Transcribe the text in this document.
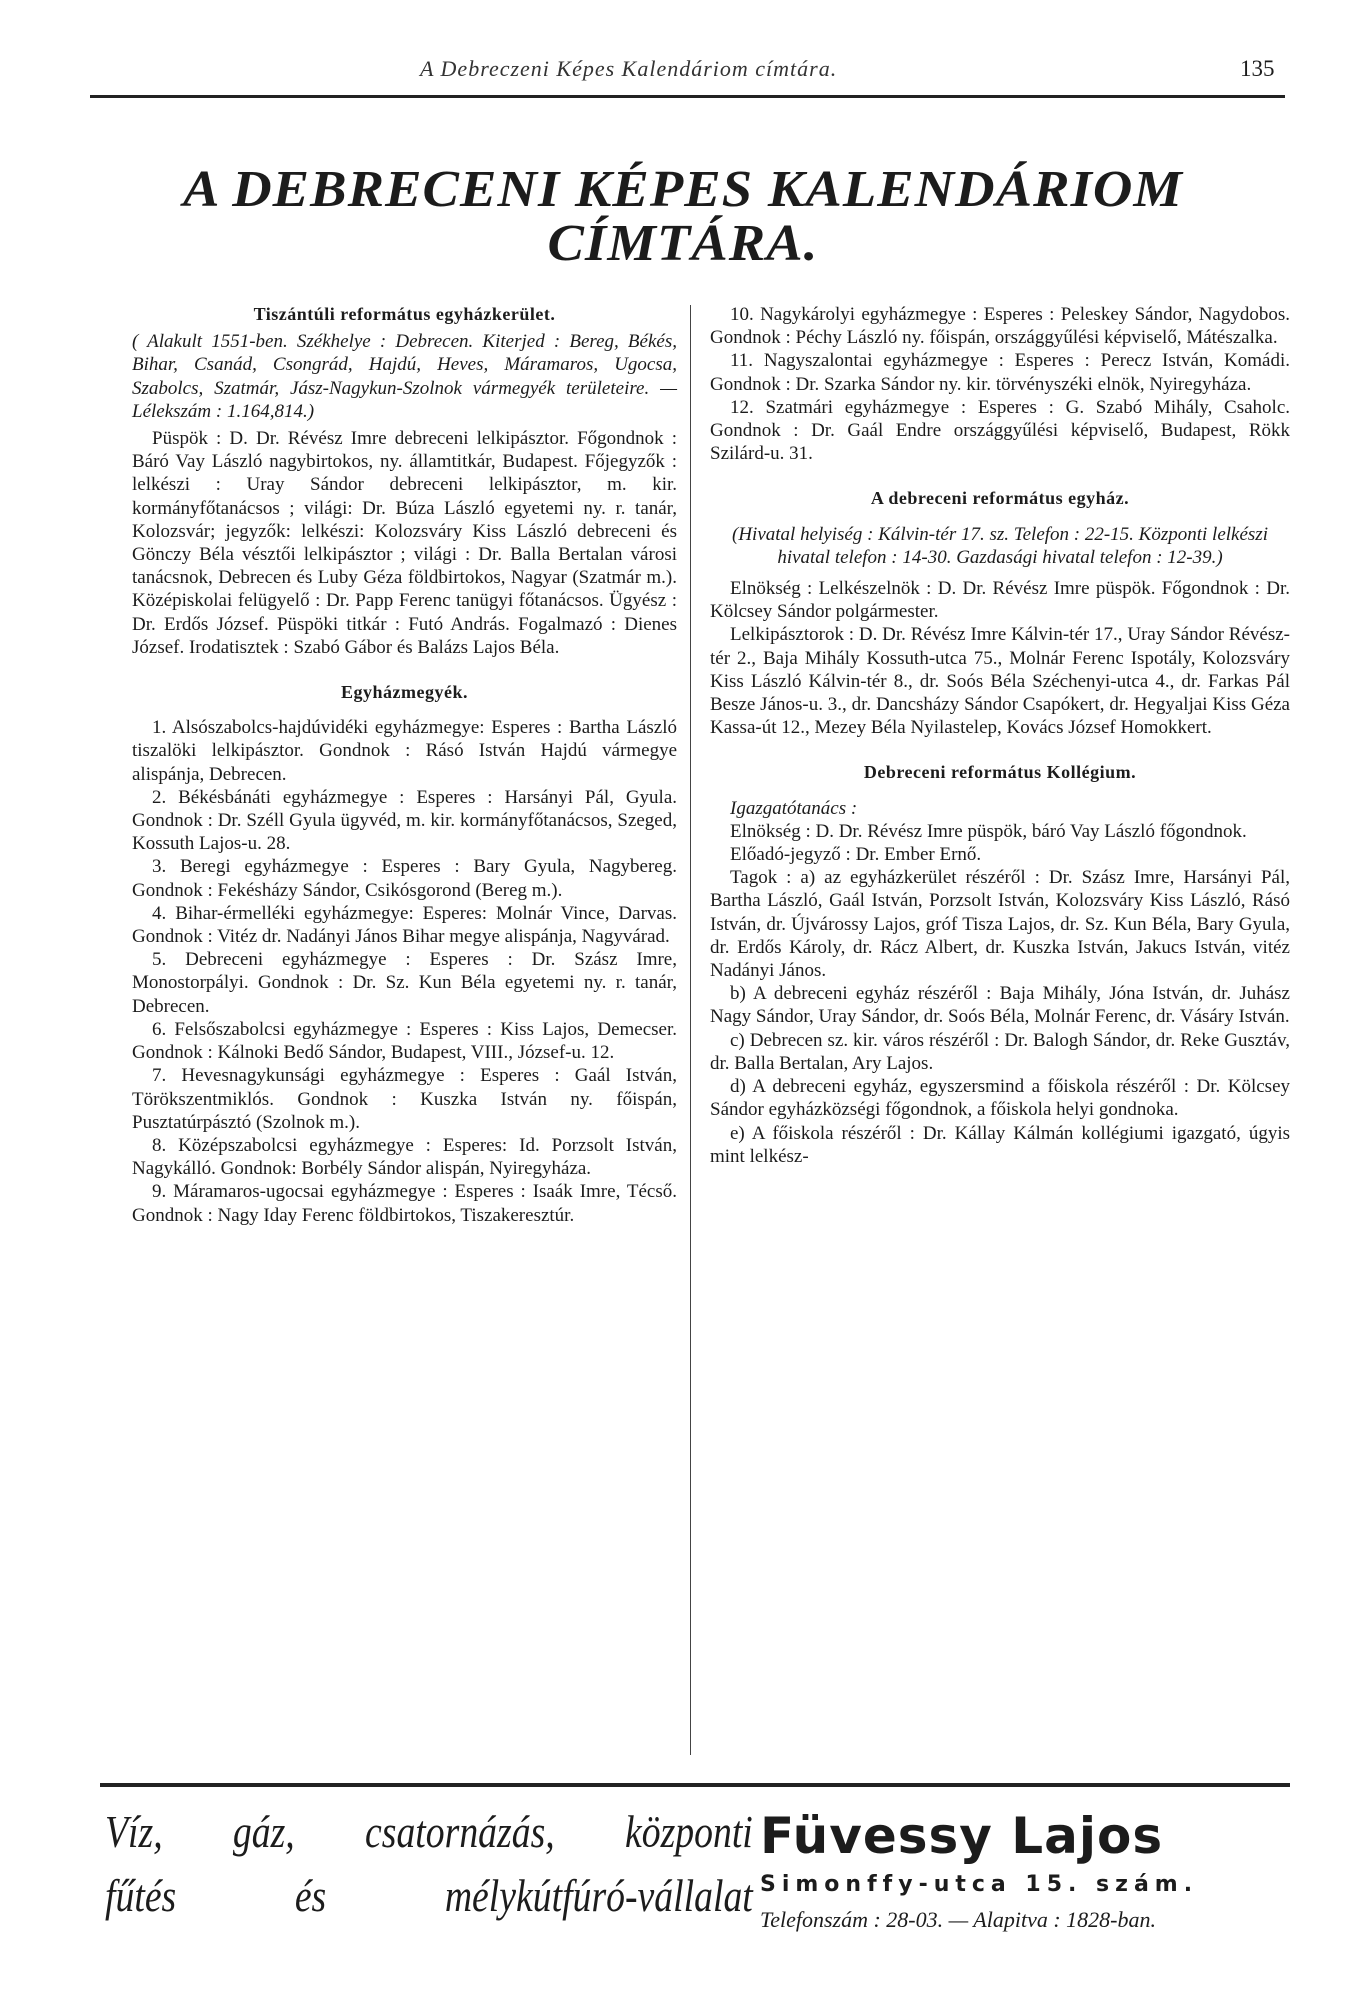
A Debreczeni Képes Kalendáriom címtára.	135
A DEBRECENI KÉPES KALENDÁRIOM
CÍMTÁRA.

Tiszántúli református egyházkerület.

( Alakult 1551-ben. Székhelye : Debrecen. Kiterjed : Bereg, Békés, Bihar, Csanád, Csongrád, Hajdú, Heves, Máramaros, Ugocsa, Szabolcs, Szatmár, Jász-Nagykun-Szolnok vármegyék területeire. — Lélekszám : 1.164,814.)

Püspök : D. Dr. Révész Imre debreceni lelkipásztor. Főgondnok : Báró Vay László nagybirtokos, ny. államtitkár, Budapest. Főjegyzők : lelkészi : Uray Sándor debreceni lelkipásztor, m. kir. kormányfőtanácsos ; világi: Dr. Búza László egyetemi ny. r. tanár, Kolozsvár; jegyzők: lelkészi: Kolozsváry Kiss László debreceni és Gönczy Béla vésztői lelkipásztor ; világi : Dr. Balla Bertalan városi tanácsnok, Debrecen és Luby Géza földbirtokos, Nagyar (Szatmár m.). Középiskolai felügyelő : Dr. Papp Ferenc tanügyi főtanácsos. Ügyész : Dr. Erdős József. Püspöki titkár : Futó András. Fogalmazó : Dienes József. Irodatisztek : Szabó Gábor és Balázs Lajos Béla.

Egyházmegyék.

1. Alsószabolcs-hajdúvidéki egyházmegye: Esperes : Bartha László tiszalöki lelkipásztor. Gondnok : Rásó István Hajdú vármegye alispánja, Debrecen.

2. Békésbánáti egyházmegye : Esperes : Harsányi Pál, Gyula. Gondnok : Dr. Széll Gyula ügyvéd, m. kir. kormányfőtanácsos, Szeged, Kossuth Lajos-u. 28.

3. Beregi egyházmegye : Esperes : Bary Gyula, Nagybereg. Gondnok : Fekésházy Sándor, Csikósgorond (Bereg m.).

4. Bihar-érmelléki egyházmegye: Esperes: Molnár Vince, Darvas. Gondnok : Vitéz dr. Nadányi János Bihar megye alispánja, Nagyvárad.

5. Debreceni egyházmegye : Esperes : Dr. Szász Imre, Monostorpályi. Gondnok : Dr. Sz. Kun Béla egyetemi ny. r. tanár, Debrecen.

6. Felsőszabolcsi egyházmegye : Esperes : Kiss Lajos, Demecser. Gondnok : Kálnoki Bedő Sándor, Budapest, VIII., József-u. 12.

7. Hevesnagykunsági egyházmegye : Esperes : Gaál István, Törökszentmiklós. Gondnok : Kuszka István ny. főispán, Pusztatúrpásztó (Szolnok m.).

8. Középszabolcsi egyházmegye : Esperes: Id. Porzsolt István, Nagykálló. Gondnok: Borbély Sándor alispán, Nyiregyháza.

9. Máramaros-ugocsai egyházmegye : Esperes : Isaák Imre, Técső. Gondnok : Nagy Iday Ferenc földbirtokos, Tiszakeresztúr.

10. Nagykárolyi egyházmegye : Esperes : Peleskey Sándor, Nagydobos. Gondnok : Péchy László ny. főispán, országgyűlési képviselő, Mátészalka.

11. Nagyszalontai egyházmegye : Esperes : Perecz István, Komádi. Gondnok : Dr. Szarka Sándor ny. kir. törvényszéki elnök, Nyiregyháza.

12. Szatmári egyházmegye : Esperes : G. Szabó Mihály, Csaholc. Gondnok : Dr. Gaál Endre országgyűlési képviselő, Budapest, Rökk Szilárd-u. 31.

A debreceni református egyház.

(Hivatal helyiség : Kálvin-tér 17. sz. Telefon : 22-15. Központi lelkészi hivatal telefon : 14-30. Gazdasági hivatal telefon : 12-39.)

Elnökség : Lelkészelnök : D. Dr. Révész Imre püspök. Főgondnok : Dr. Kölcsey Sándor polgármester.

Lelkipásztorok : D. Dr. Révész Imre Kálvin-tér 17., Uray Sándor Révész-tér 2., Baja Mihály Kossuth-utca 75., Molnár Ferenc Ispotály, Kolozsváry Kiss László Kálvin-tér 8., dr. Soós Béla Széchenyi-utca 4., dr. Farkas Pál Besze János-u. 3., dr. Dancsházy Sándor Csapókert, dr. Hegyaljai Kiss Géza Kassa-út 12., Mezey Béla Nyilastelep, Kovács József Homokkert.

Debreceni református Kollégium.

Igazgatótanács :

Elnökség : D. Dr. Révész Imre püspök, báró Vay László főgondnok.

Előadó-jegyző : Dr. Ember Ernő.

Tagok : a) az egyházkerület részéről : Dr. Szász Imre, Harsányi Pál, Bartha László, Gaál István, Porzsolt István, Kolozsváry Kiss László, Rásó István, dr. Újvárossy Lajos, gróf Tisza Lajos, dr. Sz. Kun Béla, Bary Gyula, dr. Erdős Károly, dr. Rácz Albert, dr. Kuszka István, Jakucs István, vitéz Nadányi János.

b) A debreceni egyház részéről : Baja Mihály, Jóna István, dr. Juhász Nagy Sándor, Uray Sándor, dr. Soós Béla, Molnár Ferenc, dr. Vásáry István.

c) Debrecen sz. kir. város részéről : Dr. Balogh Sándor, dr. Reke Gusztáv, dr. Balla Bertalan, Ary Lajos.

d) A debreceni egyház, egyszersmind a főiskola részéről : Dr. Kölcsey Sándor egyházközségi főgondnok, a főiskola helyi gondnoka.

e) A főiskola részéről : Dr. Kállay Kálmán kollégiumi igazgató, úgyis mint lelkész-

Víz, gáz, csatornázás, központi
fűtés és mélykútfúró-vállalat
Füvessy Lajos
Simonffy-utca 15. szám.
Telefonszám : 28-03. — Alapitva : 1828-ban.
